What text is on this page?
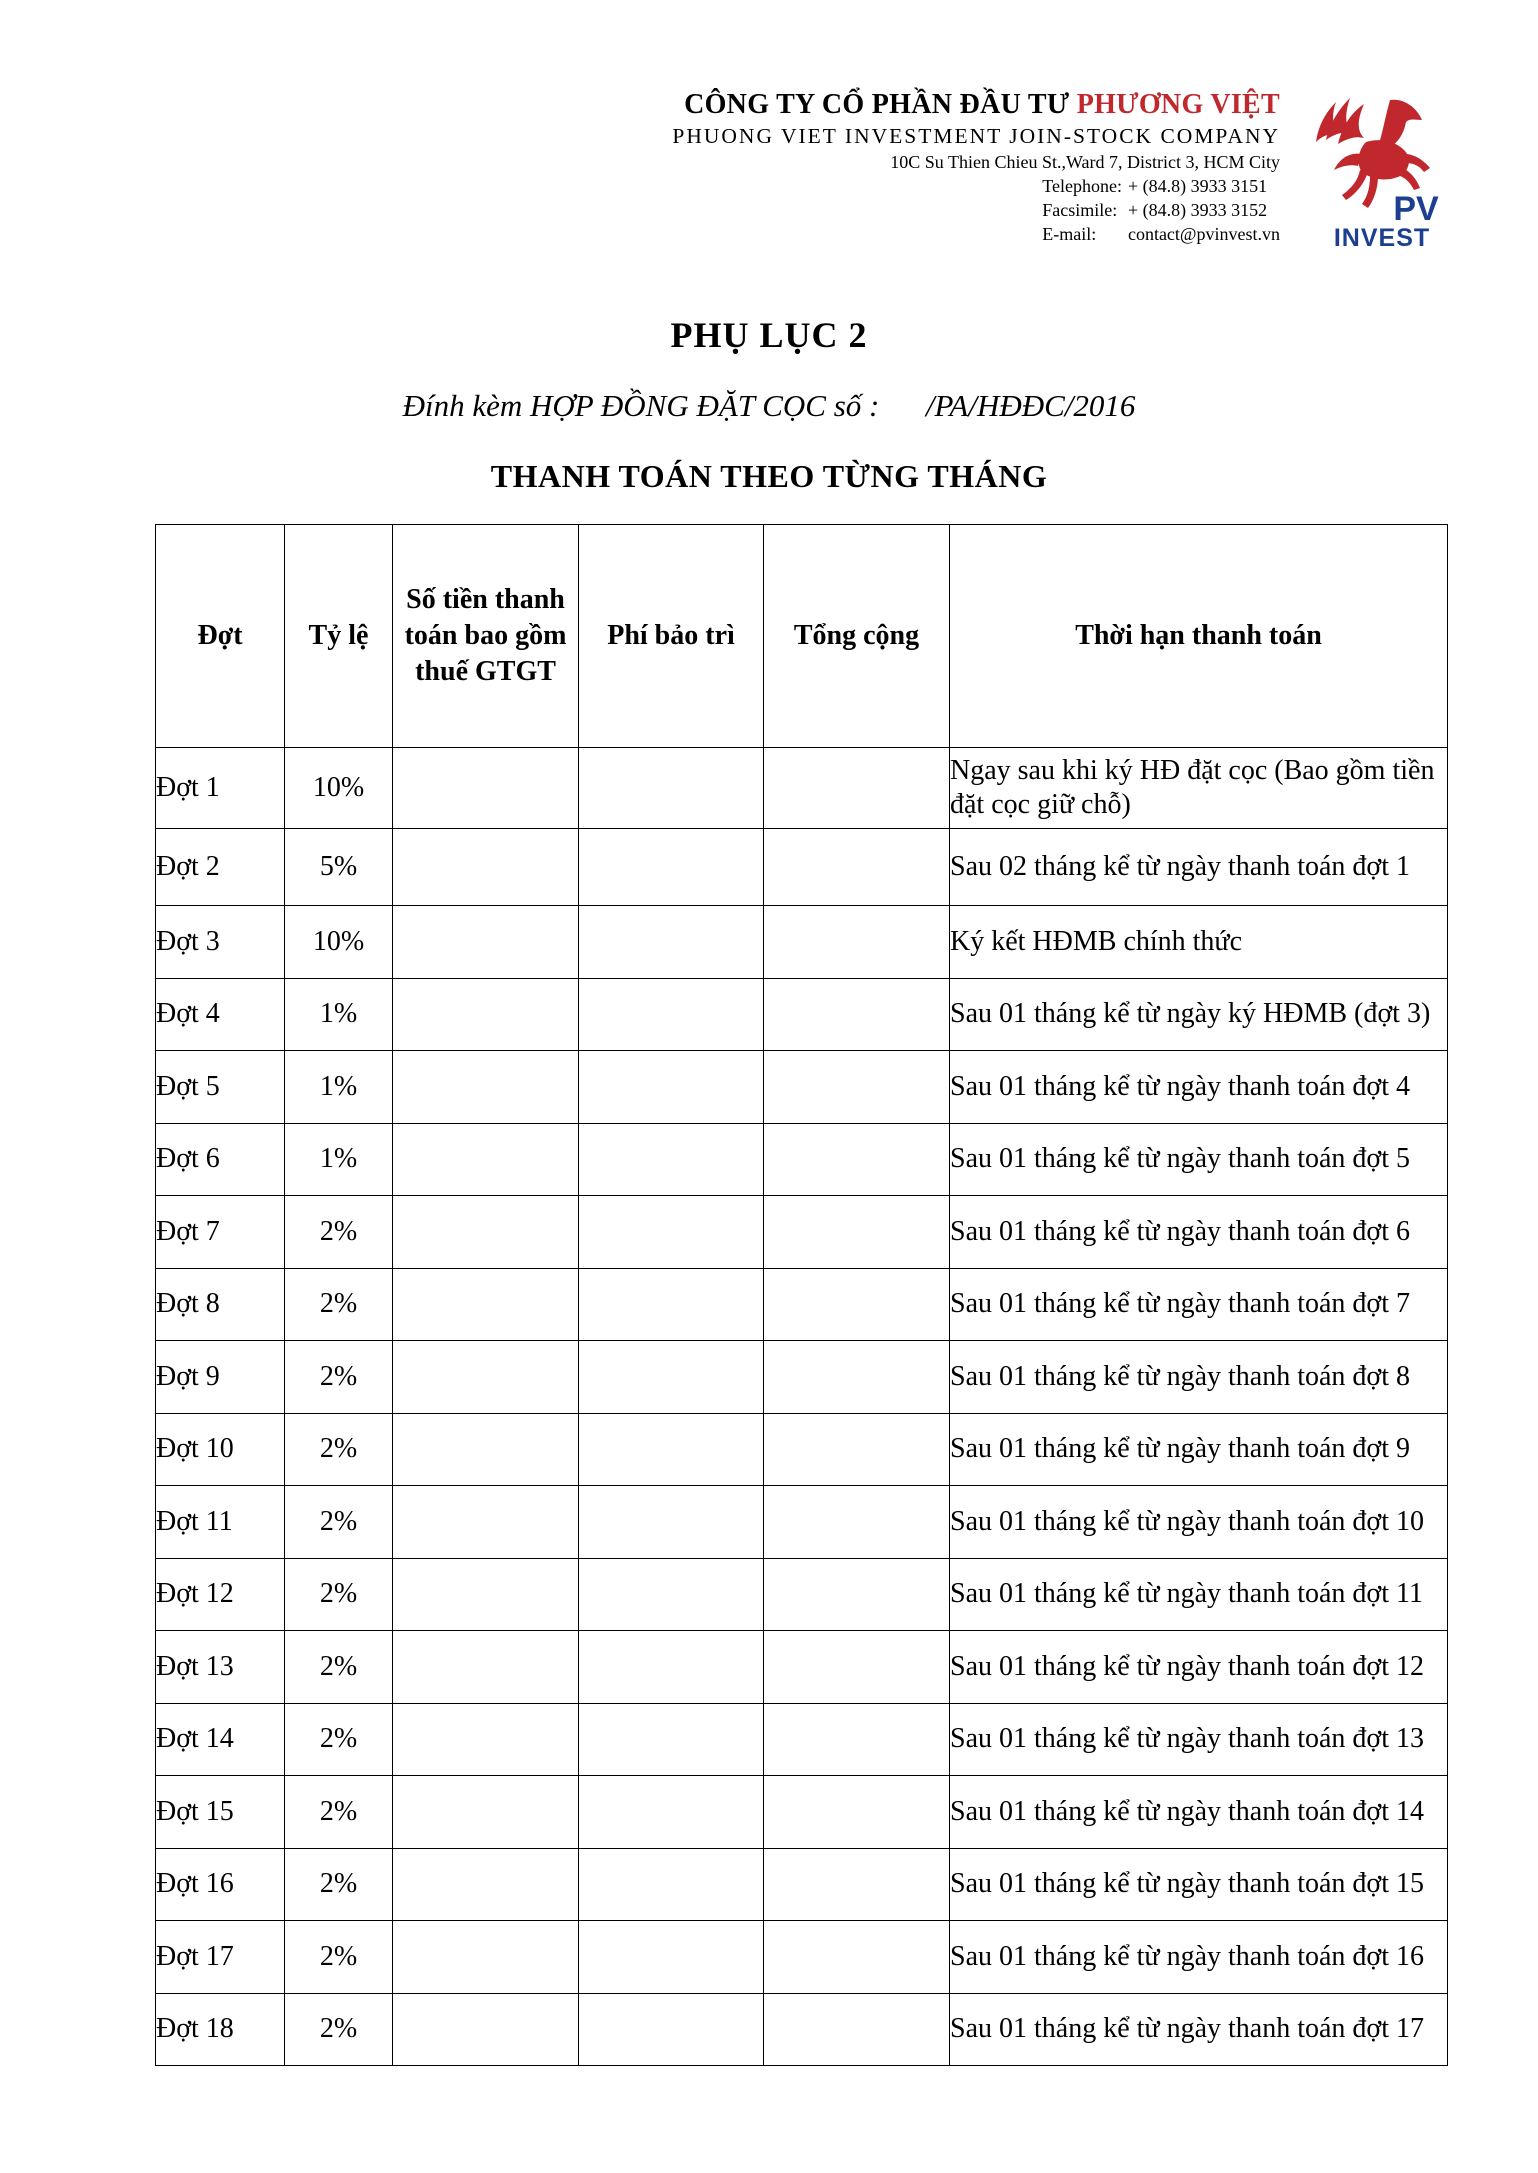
CÔNG TY CỔ PHẦN ĐẦU TƯ PHƯƠNG VIỆT
PHUONG VIET INVESTMENT JOIN-STOCK COMPANY
10C Su Thien Chieu St.,Ward 7, District 3, HCM City
Telephone: + (84.8) 3933 3151
Facsimile: + (84.8) 3933 3152
E-mail:	contact@pvinvest.vn
PV
INVEST
PHỤ LỤC 2
Đính kèm HỢP ĐỒNG ĐẶT CỌC số :      /PA/HĐĐC/2016
THANH TOÁN THEO TỪNG THÁNG
Đợt	Tỷ lệ	Số tiền thanh toán bao gồm thuế GTGT	Phí bảo trì	Tổng cộng	Thời hạn thanh toán
Đợt 1	10%				Ngay sau khi ký HĐ đặt cọc (Bao gồm tiền đặt cọc giữ chỗ)
Đợt 2	5%				Sau 02 tháng kể từ ngày thanh toán đợt 1
Đợt 3	10%				Ký kết HĐMB chính thức
Đợt 4	1%				Sau 01 tháng kể từ ngày ký HĐMB (đợt 3)
Đợt 5	1%				Sau 01 tháng kể từ ngày thanh toán đợt 4
Đợt 6	1%				Sau 01 tháng kể từ ngày thanh toán đợt 5
Đợt 7	2%				Sau 01 tháng kể từ ngày thanh toán đợt 6
Đợt 8	2%				Sau 01 tháng kể từ ngày thanh toán đợt 7
Đợt 9	2%				Sau 01 tháng kể từ ngày thanh toán đợt 8
Đợt 10	2%				Sau 01 tháng kể từ ngày thanh toán đợt 9
Đợt 11	2%				Sau 01 tháng kể từ ngày thanh toán đợt 10
Đợt 12	2%				Sau 01 tháng kể từ ngày thanh toán đợt 11
Đợt 13	2%				Sau 01 tháng kể từ ngày thanh toán đợt 12
Đợt 14	2%				Sau 01 tháng kể từ ngày thanh toán đợt 13
Đợt 15	2%				Sau 01 tháng kể từ ngày thanh toán đợt 14
Đợt 16	2%				Sau 01 tháng kể từ ngày thanh toán đợt 15
Đợt 17	2%				Sau 01 tháng kể từ ngày thanh toán đợt 16
Đợt 18	2%				Sau 01 tháng kể từ ngày thanh toán đợt 17
